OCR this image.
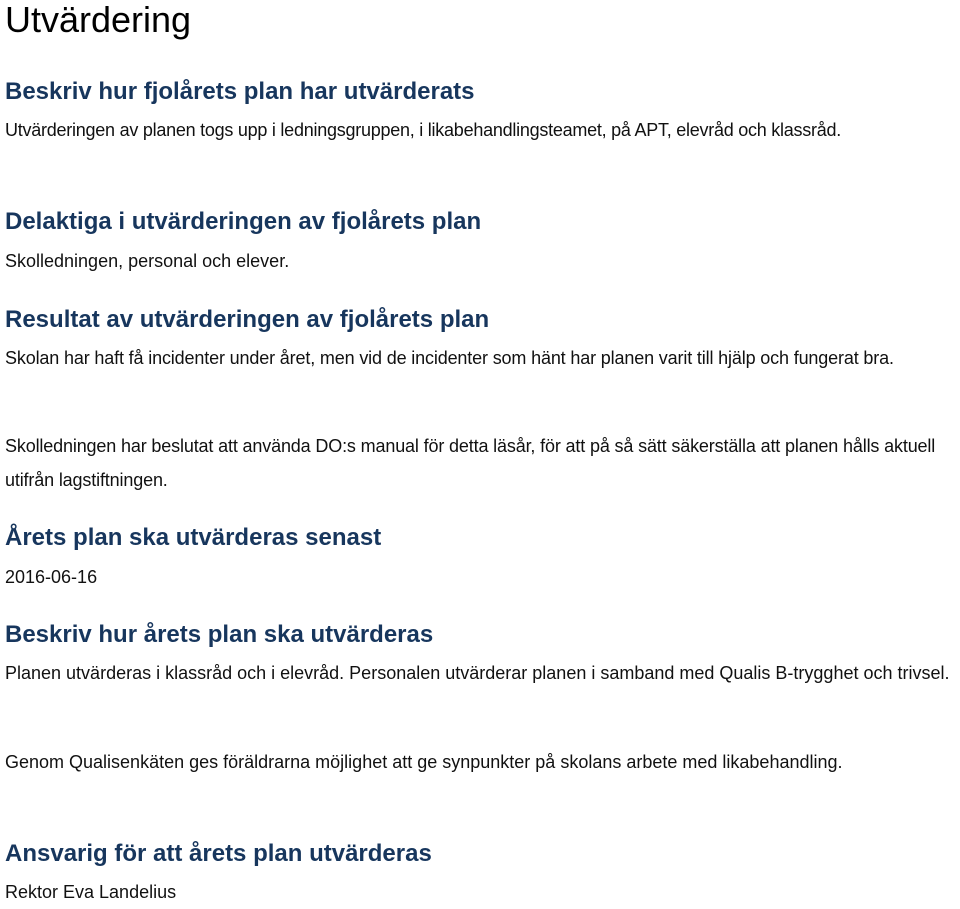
Utvärdering
Beskriv hur fjolårets plan har utvärderats

Utvärderingen av planen togs upp i ledningsgruppen, i likabehandlingsteamet, på APT, elevråd och klassråd.

Delaktiga i utvärderingen av fjolårets plan

Skolledningen, personal och elever.

Resultat av utvärderingen av fjolårets plan

Skolan har haft få incidenter under året, men vid de incidenter som hänt har planen varit till hjälp och fungerat bra.

Skolledningen har beslutat att använda DO:s manual för detta läsår, för att på så sätt säkerställa att planen hålls aktuell utifrån lagstiftningen.

Årets plan ska utvärderas senast

2016-06-16

Beskriv hur årets plan ska utvärderas

Planen utvärderas i klassråd och i elevråd. Personalen utvärderar planen i samband med Qualis B-trygghet och trivsel.

Genom Qualisenkäten ges föräldrarna möjlighet att ge synpunkter på skolans arbete med likabehandling.

Ansvarig för att årets plan utvärderas

Rektor Eva Landelius
